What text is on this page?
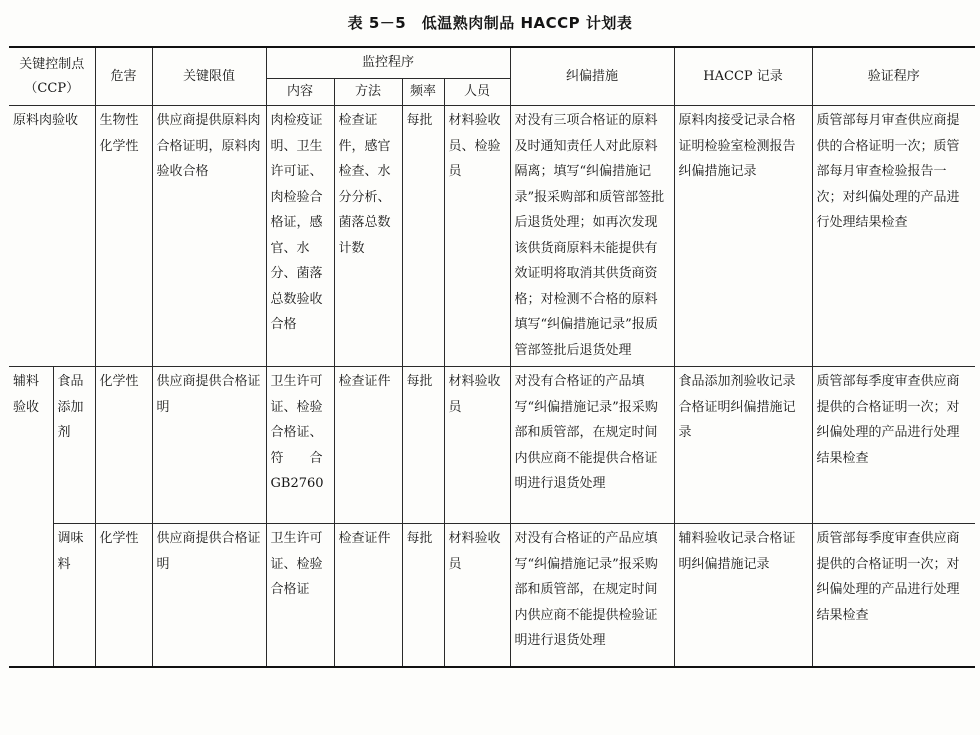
表 5－5　低温熟肉制品 HACCP 计划表
关键控制点
（CCP）		危害	关键限值	监控程序				纠偏措施	HACCP 记录	验证程序
				内容	方法	频率	人员			
原料肉验收		生物性化学性	供应商提供原料肉合格证明，原料肉验收合格	肉检疫证明、卫生许可证、肉检验合格证，感官、水分、菌落总数验收合格	检查证件，感官检查、水分分析、菌落总数计数	每批	材料验收员、检验员	对没有三项合格证的原料及时通知责任人对此原料隔离；填写“纠偏措施记录”报采购部和质管部签批后退货处理；如再次发现该供货商原料未能提供有效证明将取消其供货商资格；对检测不合格的原料填写“纠偏措施记录”报质管部签批后退货处理	原料肉接受记录合格证明检验室检测报告纠偏措施记录	质管部每月审查供应商提供的合格证明一次；质管部每月审查检验报告一次；对纠偏处理的产品进行处理结果检查
辅料验收	食品添加剂	化学性	供应商提供合格证明	卫生许可证、检验合格证、符　　合GB2760	检查证件	每批	材料验收员	对没有合格证的产品填写“纠偏措施记录”报采购部和质管部，在规定时间内供应商不能提供合格证明进行退货处理	食品添加剂验收记录合格证明纠偏措施记录	质管部每季度审查供应商提供的合格证明一次；对纠偏处理的产品进行处理结果检查
	调味料	化学性	供应商提供合格证明	卫生许可证、检验合格证	检查证件	每批	材料验收员	对没有合格证的产品应填写“纠偏措施记录”报采购部和质管部，在规定时间内供应商不能提供检验证明进行退货处理	辅料验收记录合格证明纠偏措施记录	质管部每季度审查供应商提供的合格证明一次；对纠偏处理的产品进行处理结果检查
